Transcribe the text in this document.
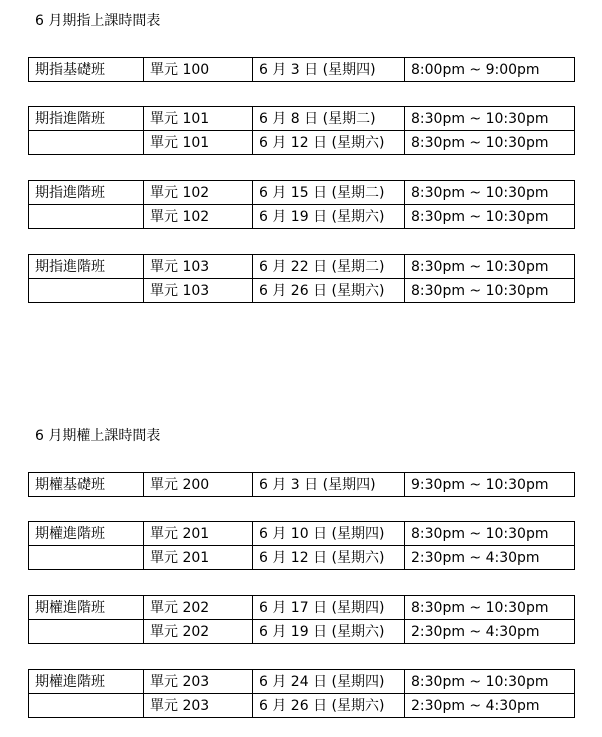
6 月期指上課時間表
期指基礎班	單元 100	6 月 3 日 (星期四)	8:00pm ~ 9:00pm
期指進階班	單元 101	6 月 8 日 (星期二)	8:30pm ~ 10:30pm
	單元 101	6 月 12 日 (星期六)	8:30pm ~ 10:30pm
期指進階班	單元 102	6 月 15 日 (星期二)	8:30pm ~ 10:30pm
	單元 102	6 月 19 日 (星期六)	8:30pm ~ 10:30pm
期指進階班	單元 103	6 月 22 日 (星期二)	8:30pm ~ 10:30pm
	單元 103	6 月 26 日 (星期六)	8:30pm ~ 10:30pm
6 月期權上課時間表
期權基礎班	單元 200	6 月 3 日 (星期四)	9:30pm ~ 10:30pm
期權進階班	單元 201	6 月 10 日 (星期四)	8:30pm ~ 10:30pm
	單元 201	6 月 12 日 (星期六)	2:30pm ~ 4:30pm
期權進階班	單元 202	6 月 17 日 (星期四)	8:30pm ~ 10:30pm
	單元 202	6 月 19 日 (星期六)	2:30pm ~ 4:30pm
期權進階班	單元 203	6 月 24 日 (星期四)	8:30pm ~ 10:30pm
	單元 203	6 月 26 日 (星期六)	2:30pm ~ 4:30pm
